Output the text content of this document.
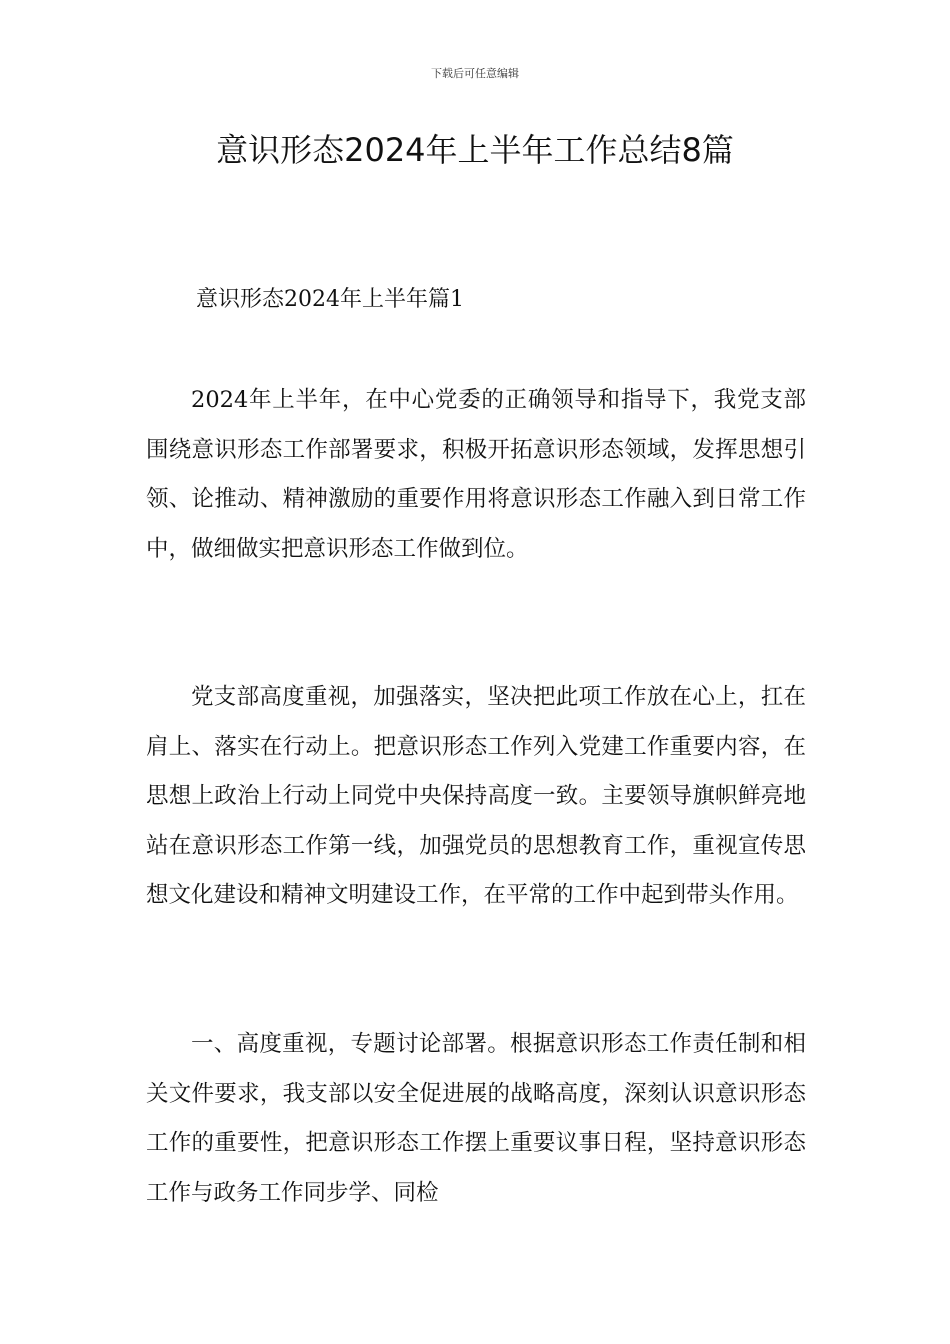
下载后可任意编辑
意识形态2024年上半年工作总结8篇
意识形态2024年上半年篇1

2024年上半年，在中心党委的正确领导和指导下，我党支部围绕意识形态工作部署要求，积极开拓意识形态领域，发挥思想引领、论推动、精神激励的重要作用将意识形态工作融入到日常工作中，做细做实把意识形态工作做到位。

党支部高度重视，加强落实，坚决把此项工作放在心上，扛在肩上、落实在行动上。把意识形态工作列入党建工作重要内容，在思想上政治上行动上同党中央保持高度一致。主要领导旗帜鲜亮地站在意识形态工作第一线，加强党员的思想教育工作，重视宣传思想文化建设和精神文明建设工作，在平常的工作中起到带头作用。

一、高度重视，专题讨论部署。根据意识形态工作责任制和相关文件要求，我支部以安全促进展的战略高度，深刻认识意识形态工作的重要性，把意识形态工作摆上重要议事日程，坚持意识形态工作与政务工作同步学、同检
